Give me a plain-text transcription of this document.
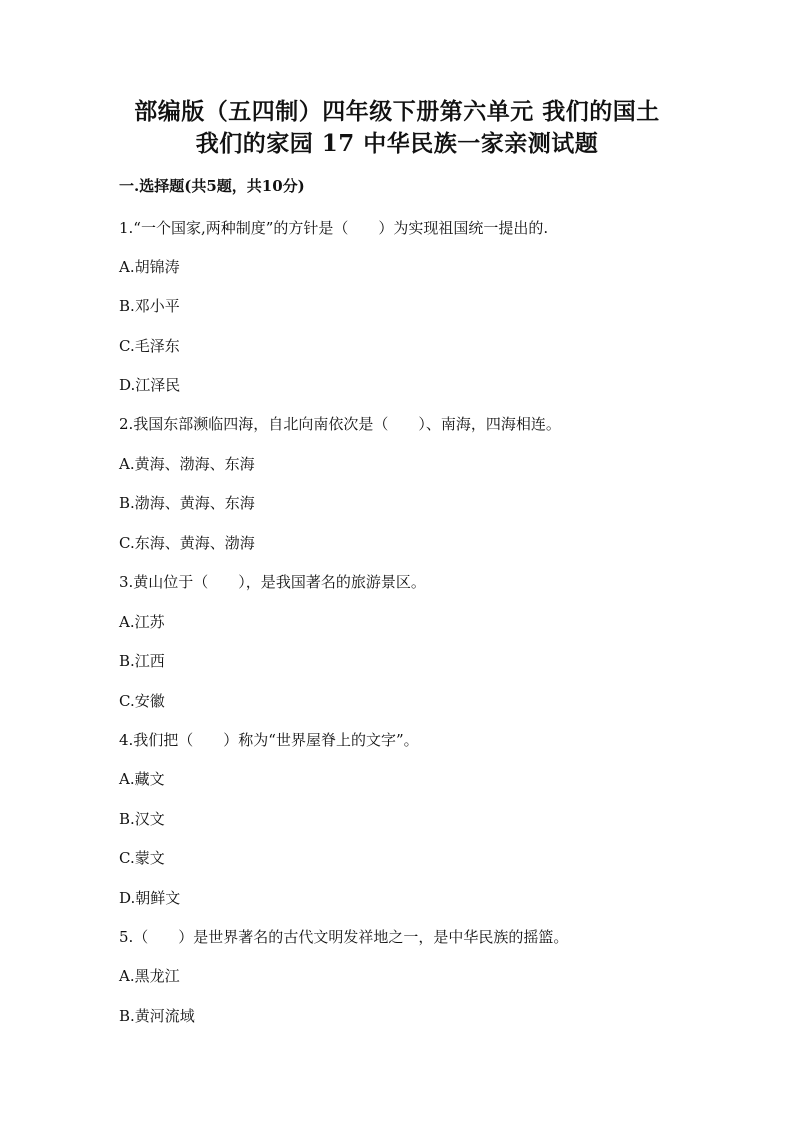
部编版（五四制）四年级下册第六单元 我们的国土
我们的家园 17 中华民族一家亲测试题
一.选择题(共5题，共10分)
1.“一个国家,两种制度”的方针是（　　）为实现祖国统一提出的.
A.胡锦涛
B.邓小平
C.毛泽东
D.江泽民
2.我国东部濒临四海，自北向南依次是（　　）、南海，四海相连。
A.黄海、渤海、东海
B.渤海、黄海、东海
C.东海、黄海、渤海
3.黄山位于（　　），是我国著名的旅游景区。
A.江苏
B.江西
C.安徽
4.我们把（　　）称为“世界屋脊上的文字”。
A.藏文
B.汉文
C.蒙文
D.朝鲜文
5.（　　）是世界著名的古代文明发祥地之一，是中华民族的摇篮。
A.黑龙江
B.黄河流域
